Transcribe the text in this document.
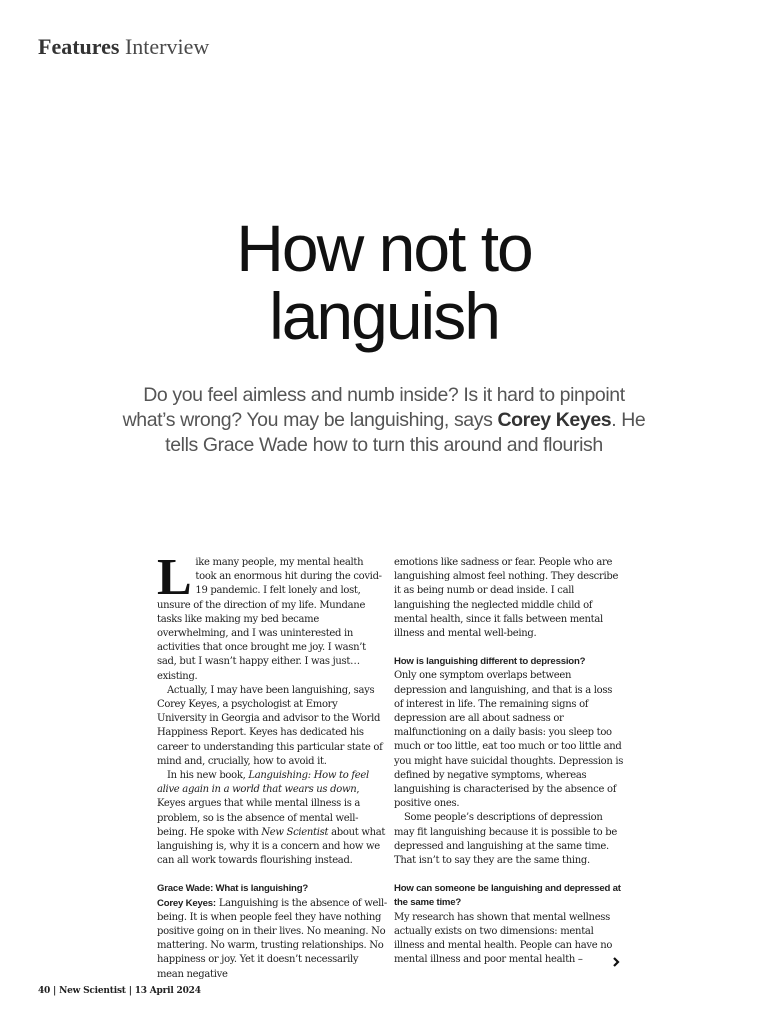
Features Interview
How not to
languish
Do you feel aimless and numb inside? Is it hard to pinpoint what’s wrong? You may be languishing, says Corey Keyes. He tells Grace Wade how to turn this around and flourish

Like many people, my mental health took an enormous hit during the covid-19 pandemic. I felt lonely and lost, unsure of the direction of my life. Mundane tasks like making my bed became overwhelming, and I was uninterested in activities that once brought me joy. I wasn’t sad, but I wasn’t happy either. I was just… existing.

Actually, I may have been languishing, says Corey Keyes, a psychologist at Emory University in Georgia and advisor to the World Happiness Report. Keyes has dedicated his career to understanding this particular state of mind and, crucially, how to avoid it.

In his new book, Languishing: How to feel alive again in a world that wears us down, Keyes argues that while mental illness is a problem, so is the absence of mental well-being. He spoke with New Scientist about what languishing is, why it is a concern and how we can all work towards flourishing instead.

Grace Wade: What is languishing?

Corey Keyes: Languishing is the absence of well-being. It is when people feel they have nothing positive going on in their lives. No meaning. No mattering. No warm, trusting relationships. No happiness or joy. Yet it doesn’t necessarily mean negative

emotions like sadness or fear. People who are languishing almost feel nothing. They describe it as being numb or dead inside. I call languishing the neglected middle child of mental health, since it falls between mental illness and mental well-being.

How is languishing different to depression?

Only one symptom overlaps between depression and languishing, and that is a loss of interest in life. The remaining signs of depression are all about sadness or malfunctioning on a daily basis: you sleep too much or too little, eat too much or too little and you might have suicidal thoughts. Depression is defined by negative symptoms, whereas languishing is characterised by the absence of positive ones.

Some people’s descriptions of depression may fit languishing because it is possible to be depressed and languishing at the same time. That isn’t to say they are the same thing.

How can someone be languishing and depressed at the same time?

My research has shown that mental wellness actually exists on two dimensions: mental illness and mental health. People can have no mental illness and poor mental health –

40 | New Scientist | 13 April 2024
